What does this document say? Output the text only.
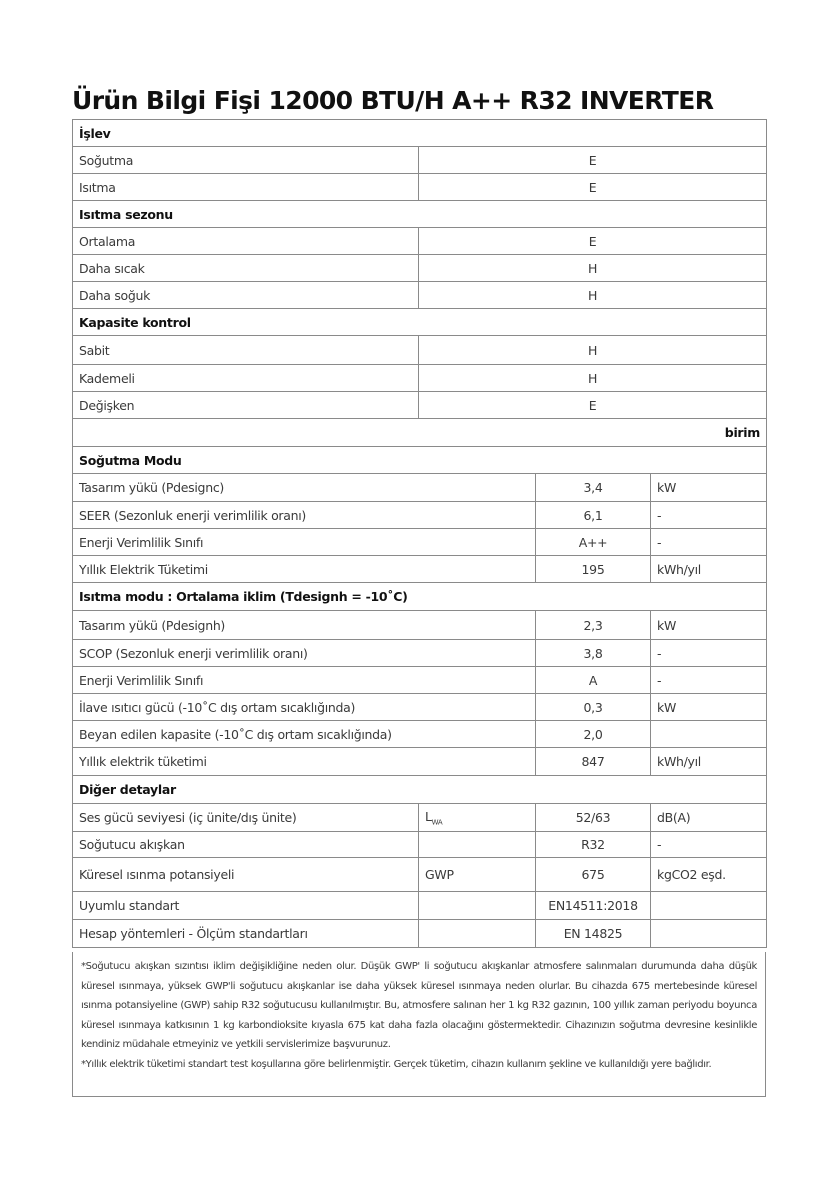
Ürün Bilgi Fişi 12000 BTU/H A++ R32 INVERTER
İşlev			
Soğutma	E		
Isıtma	E		
Isıtma sezonu			
Ortalama	E		
Daha sıcak	H		
Daha soğuk	H		
Kapasite kontrol			
Sabit	H		
Kademeli	H		
Değişken	E		
birim			
Soğutma Modu			
Tasarım yükü (Pdesignc)		3,4	kW
SEER (Sezonluk enerji verimlilik oranı)		6,1	-
Enerji Verimlilik Sınıfı		A++	-
Yıllık Elektrik Tüketimi		195	kWh/yıl
Isıtma modu : Ortalama iklim (Tdesignh = -10˚C)			
Tasarım yükü (Pdesignh)		2,3	kW
SCOP (Sezonluk enerji verimlilik oranı)		3,8	-
Enerji Verimlilik Sınıfı		A	-
İlave ısıtıcı gücü (-10˚C dış ortam sıcaklığında)		0,3	kW
Beyan edilen kapasite (-10˚C dış ortam sıcaklığında)		2,0	
Yıllık elektrik tüketimi		847	kWh/yıl
Diğer detaylar			
Ses gücü seviyesi (iç ünite/dış ünite)	$L_{WA}$	52/63	dB(A)
Soğutucu akışkan		R32	-
Küresel ısınma potansiyeli	GWP	675	kgCO2 eşd.
Uyumlu standart		EN14511:2018	
Hesap yöntemleri - Ölçüm standartları		EN 14825	

*Soğutucu akışkan sızıntısı iklim değişikliğine neden olur. Düşük GWP' li soğutucu akışkanlar atmosfere salınmaları durumunda daha düşük küresel ısınmaya, yüksek GWP'li soğutucu akışkanlar ise daha yüksek küresel ısınmaya neden olurlar. Bu cihazda 675 mertebesinde küresel ısınma potansiyeline (GWP) sahip R32 soğutucusu kullanılmıştır. Bu, atmosfere salınan her 1 kg R32 gazının, 100 yıllık zaman periyodu boyunca küresel ısınmaya katkısının 1 kg karbondioksite kıyasla 675 kat daha fazla olacağını göstermektedir. Cihazınızın soğutma devresine kesinlikle kendiniz müdahale etmeyiniz ve yetkili servislerimize başvurunuz.

*Yıllık elektrik tüketimi standart test koşullarına göre belirlenmiştir. Gerçek tüketim, cihazın kullanım şekline ve kullanıldığı yere bağlıdır.
